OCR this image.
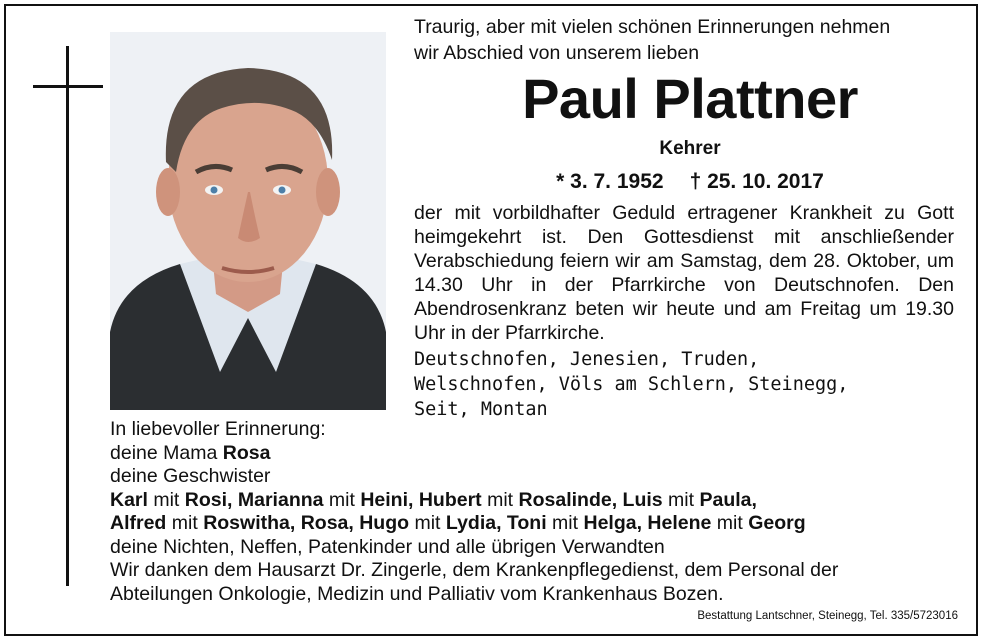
Traurig, aber mit vielen schönen Erinnerungen nehmen
wir Abschied von unserem lieben
Paul Plattner
Kehrer
* 3. 7. 1952 † 25. 10. 2017
der mit vorbildhafter Geduld ertragener Krankheit zu Gott heimgekehrt ist. Den Gottesdienst mit anschließender Verabschiedung feiern wir am Samstag, dem 28. Oktober, um 14.30 Uhr in der Pfarrkirche von Deutschnofen. Den Abendrosenkranz beten wir heute und am Freitag um 19.30 Uhr in der Pfarrkirche.
Deutschnofen, Jenesien, Truden,
Welschnofen, Völs am Schlern, Steinegg,
Seit, Montan
In liebevoller Erinnerung:
deine Mama Rosa
deine Geschwister
Karl mit Rosi, Marianna mit Heini, Hubert mit Rosalinde, Luis mit Paula,
Alfred mit Roswitha, Rosa, Hugo mit Lydia, Toni mit Helga, Helene mit Georg
deine Nichten, Neffen, Patenkinder und alle übrigen Verwandten
Wir danken dem Hausarzt Dr. Zingerle, dem Krankenpflegedienst, dem Personal der
Abteilungen Onkologie, Medizin und Palliativ vom Krankenhaus Bozen.
Bestattung Lantschner, Steinegg, Tel. 335/5723016
